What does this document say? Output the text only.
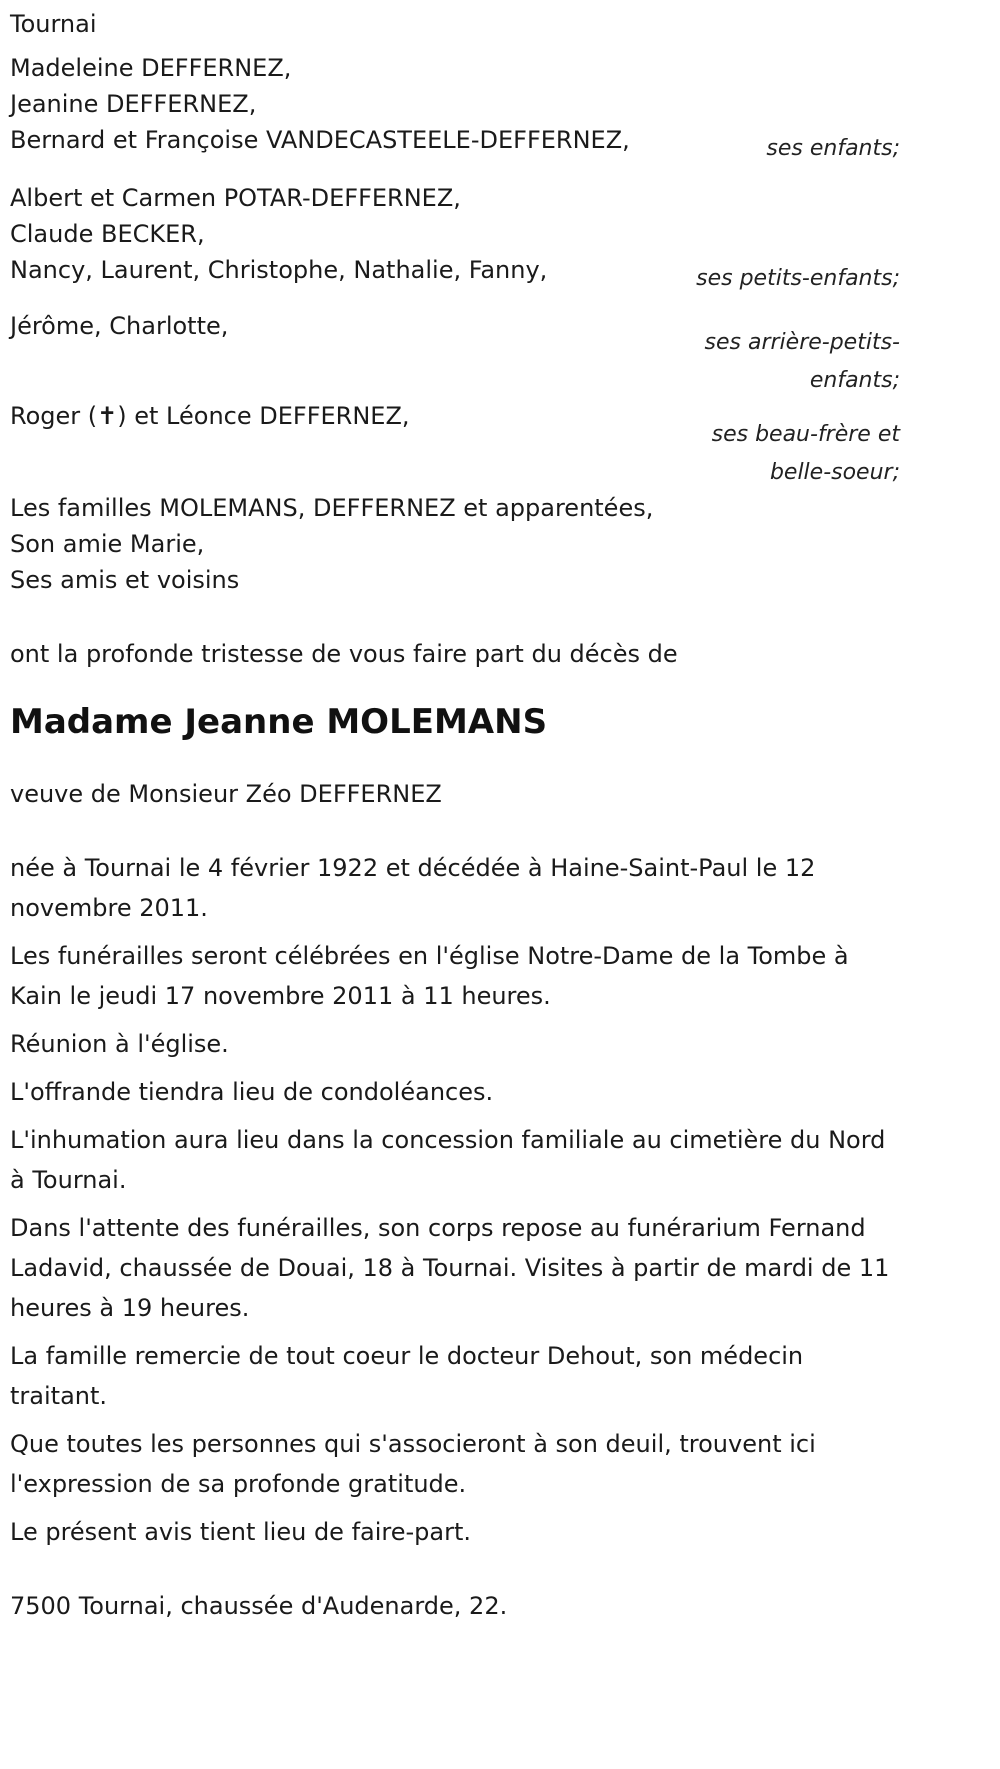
Tournai

Madeleine DEFFERNEZ,

Jeanine DEFFERNEZ,

Bernard et Françoise VANDECASTEELE-DEFFERNEZ,	ses enfants;

Albert et Carmen POTAR-DEFFERNEZ,

Claude BECKER,

Nancy, Laurent, Christophe, Nathalie, Fanny,	ses petits-enfants;

Jérôme, Charlotte,

ses arrière-petits-enfants;

Roger (✝) et Léonce DEFFERNEZ,

ses beau-frère et belle-soeur;

Les familles MOLEMANS, DEFFERNEZ et apparentées,

Son amie Marie,

Ses amis et voisins

ont la profonde tristesse de vous faire part du décès de

Madame Jeanne MOLEMANS

veuve de Monsieur Zéo DEFFERNEZ

née à Tournai le 4 février 1922 et décédée à Haine-Saint-Paul le 12 novembre 2011.

Les funérailles seront célébrées en l'église Notre-Dame de la Tombe à Kain le jeudi 17 novembre 2011 à 11 heures.

Réunion à l'église.

L'offrande tiendra lieu de condoléances.

L'inhumation aura lieu dans la concession familiale au cimetière du Nord à Tournai.

Dans l'attente des funérailles, son corps repose au funérarium Fernand Ladavid, chaussée de Douai, 18 à Tournai. Visites à partir de mardi de 11 heures à 19 heures.

La famille remercie de tout coeur le docteur Dehout, son médecin traitant.

Que toutes les personnes qui s'associeront à son deuil, trouvent ici l'expression de sa profonde gratitude.

Le présent avis tient lieu de faire-part.

7500 Tournai, chaussée d'Audenarde, 22.
